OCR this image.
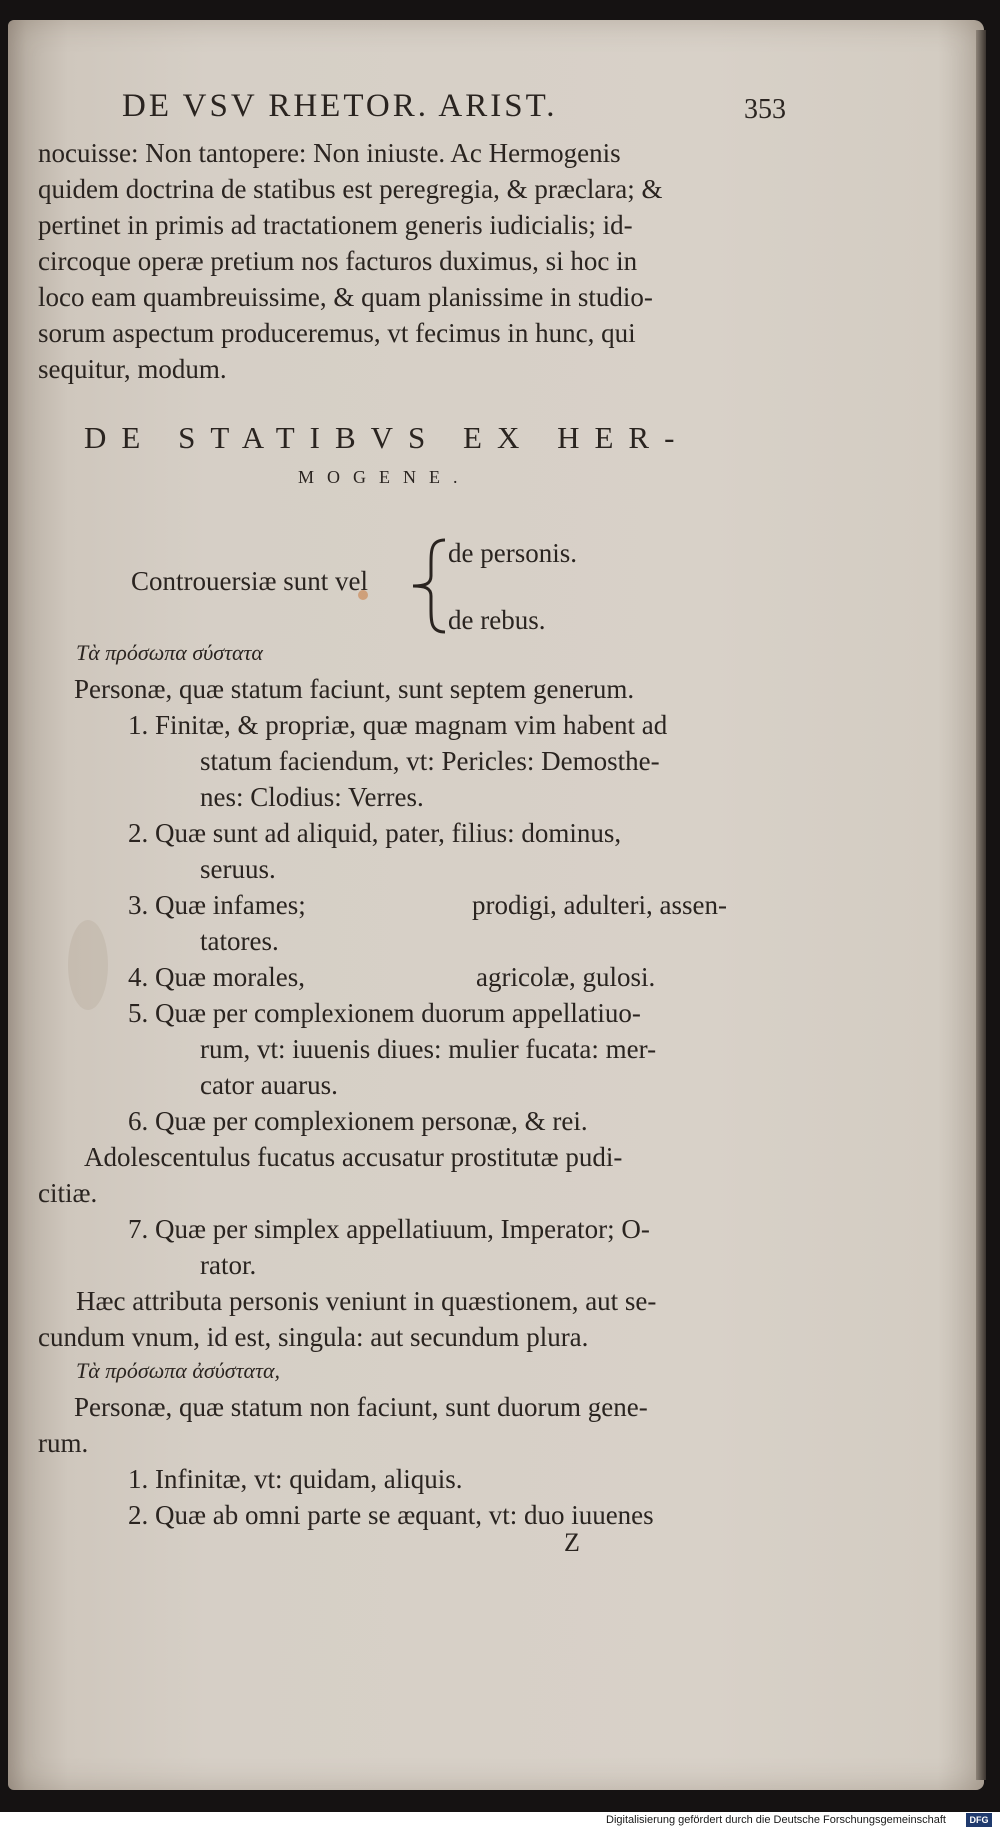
DE VSV RHETOR. ARIST.	353
nocuisse: Non tantopere: Non iniuste. Ac Hermogenis
quidem doctrina de statibus est peregregia, & præclara; &
pertinet in primis ad tractationem generis iudicialis; id-
circoque operæ pretium nos facturos duximus, si hoc in
loco eam quambreuissime, & quam planissime in studio-
sorum aspectum produceremus, vt fecimus in hunc, qui
sequitur, modum.
DE STATIBVS EX HER-
MOGENE.
Controuersiæ sunt vel
de personis.
de rebus.
Τὰ πρόσωπα σύστατα
Personæ, quæ statum faciunt, sunt septem generum.
1. Finitæ, & propriæ, quæ magnam vim habent ad
statum faciendum, vt: Pericles: Demosthe-
nes: Clodius: Verres.
2. Quæ sunt ad aliquid, pater, filius: dominus,
seruus.
3. Quæ infames;	prodigi, adulteri, assen-
tatores.
4. Quæ morales,	agricolæ, gulosi.
5. Quæ per complexionem duorum appellatiuo-
rum, vt: iuuenis diues: mulier fucata: mer-
cator auarus.
6. Quæ per complexionem personæ, & rei.
Adolescentulus fucatus accusatur prostitutæ pudi-
citiæ.
7. Quæ per simplex appellatiuum, Imperator; O-
rator.
Hæc attributa personis veniunt in quæstionem, aut se-
cundum vnum, id est, singula: aut secundum plura.
Τὰ πρόσωπα ἀσύστατα,
Personæ, quæ statum non faciunt, sunt duorum gene-
rum.
1. Infinitæ, vt: quidam, aliquis.
2. Quæ ab omni parte se æquant, vt: duo iuuenes
Z
Digitalisierung gefördert durch die Deutsche Forschungsgemeinschaft	DFG
